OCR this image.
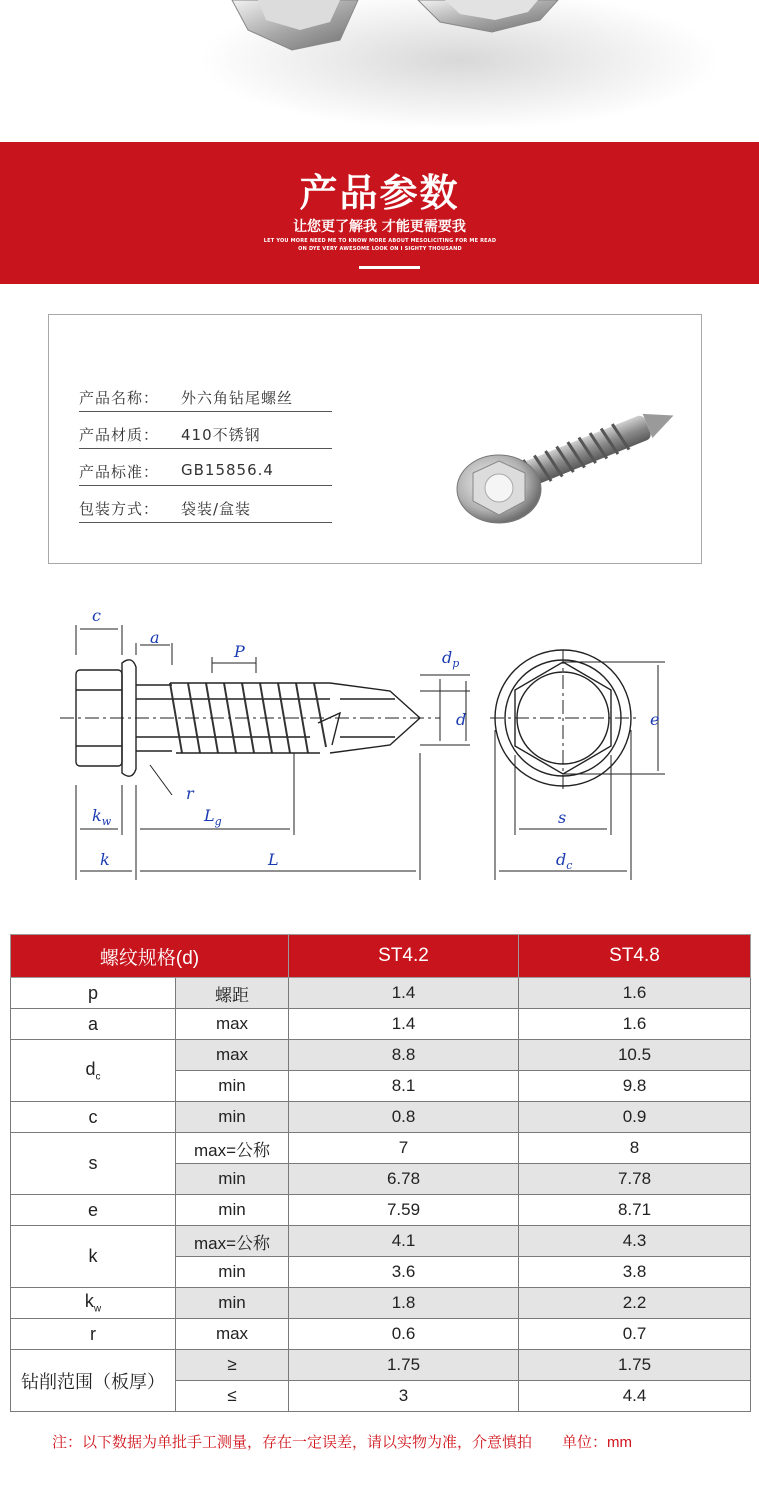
产品参数
让您更了解我 才能更需要我
LET YOU MORE NEED ME TO KNOW MORE ABOUT MESOLICITING FOR ME READ
ON DYE VERY AWESOME LOOK ON I SIGHTY THOUSAND
产品名称： 外六角钻尾螺丝
产品材质： 410不锈钢
产品标准： GB15856.4
包装方式： 袋装/盒装
c
a
P	$d_p$
d
r
$k_w$	$L_g$
k	L
e
s
$d_c$
螺纹规格(d)		ST4.2	ST4.8
p	螺距	1.4	1.6
a	max	1.4	1.6
$d_c$	max	8.8	10.5
	min	8.1	9.8
c	min	0.8	0.9
s	max=公称	7	8
	min	6.78	7.78
e	min	7.59	8.71
k	max=公称	4.1	4.3
	min	3.6	3.8
$k_w$	min	1.8	2.2
r	max	0.6	0.7
钻削范围（板厚）	≥	1.75	1.75
	≤	3	4.4
注：以下数据为单批手工测量，存在一定误差，请以实物为准，介意慎拍 单位：mm
